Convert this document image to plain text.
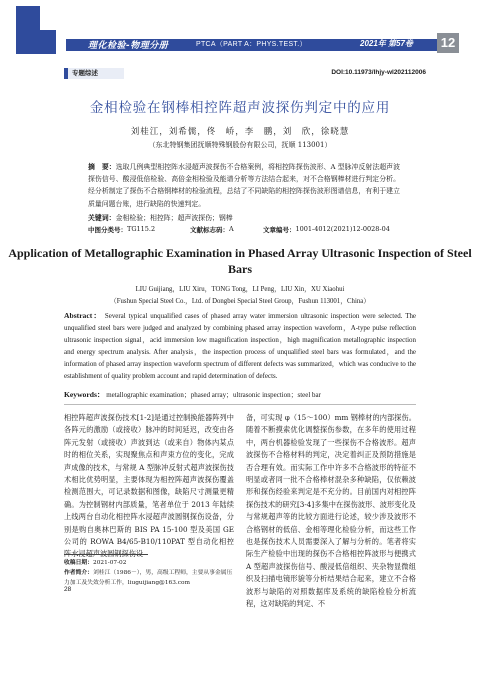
理化检验-物理分册	PTCA（PART A：PHYS.TEST.）	2021年 第57卷 12
专题综述	DOI:10.11973/lhjy-wl202112006
金相检验在钢棒相控阵超声波探伤判定中的应用
刘桂江，刘希儒，佟　峤，李　鹏，刘　欣，徐晓慧
（东北特钢集团抚顺特殊钢股份有限公司，抚顺 113001）
摘　要：选取几例典型相控阵水浸超声波探伤不合格案例，将相控阵探伤波形、A 型脉冲反射法超声波探伤信号、酸浸低倍检验、高倍金相检验及能谱分析等方法结合起来，对不合格钢棒材进行判定分析。经分析制定了探伤不合格钢棒材的检验流程，总结了不同缺陷的相控阵探伤波形图谱信息，有利于建立质量问题台账，进行缺陷的快速判定。
关键词：金相检验；相控阵；超声波探伤；钢棒
中图分类号： TG115.2	文献标志码： A	文章编号： 1001-4012(2021)12-0028-04
Application of Metallographic Examination in Phased Array Ultrasonic Inspection of Steel Bars
LIU Guijiang，LIU Xiru，TONG Tong，LI Peng，LIU Xin，XU Xiaohui
（Fushun Special Steel Co.，Ltd. of Dongbei Special Steel Group，Fushun 113001，China）
Abstract： Several typical unqualified cases of phased array water immersion ultrasonic inspection were selected. The unqualified steel bars were judged and analyzed by combining phased array inspection waveform，A-type pulse reflection ultrasonic inspection signal，acid immersion low magnification inspection，high magnification metallographic inspection and energy spectrum analysis. After analysis，the inspection process of unqualified steel bars was formulated，and the information of phased array inspection waveform spectrum of different defects was summarized，which was conducive to the establishment of quality problem account and rapid determination of defects.
Keywords： metallographic examination；phased array；ultrasonic inspection；steel bar
相控阵超声波探伤技术[1-2]是通过控制换能器阵列中各阵元的激励（或接收）脉冲的时间延迟，改变由各阵元发射（或接收）声波到达（或来自）物体内某点时的相位关系，实现聚焦点和声束方位的变化，完成声成像的技术，与常规 A 型脉冲反射式超声波探伤技术相比优势明显，主要体现为相控阵超声波探伤覆盖检测范围大，可记录数据和图像，缺陷尺寸测量更精确。为控制钢材内部质量，笔者单位于 2013 年陆续上线两台自动化相控阵水浸超声波圆钢探伤设备，分别是购自奥林巴斯的 BIS PA 15-100 型及美国 GE 公司的 ROWA B4/65-B10/110PAT 型自动化相控阵水浸超声波圆钢探伤设
备，可实现 φ（15～100）mm 钢棒材的内部探伤。随着不断摸索优化调整探伤参数，在多年的使用过程中，两台机器检验发现了一些探伤不合格波形。超声波探伤不合格材料的判定，决定着纠正及预防措施是否合理有效。而实际工作中许多不合格波形的特征不明显或者同一批不合格棒材混杂多种缺陷，仅依赖波形和探伤经验来判定是不充分的。目前国内对相控阵探伤技术的研究[3-4]多集中在探伤波形、波形变化及与常规超声等的比较方面进行论述，较少涉及波形不合格钢材的低倍、金相等理化检验分析，而这些工作也是探伤技术人员需要深入了解与分析的。笔者将实际生产检验中出现的探伤不合格相控阵波形与便携式 A 型超声波探伤信号、酸浸低倍组织、夹杂物显微组织及扫描电镜形貌等分析结果结合起来，建立不合格波形与缺陷的对照数据库及系统的缺陷检验分析流程，这对缺陷的判定、不
收稿日期：2021-07-02
作者简介：刘桂江（1986－），男，高级工程师，主要从事金属压力加工及失效分析工作，liuguijiang@163.com
28
